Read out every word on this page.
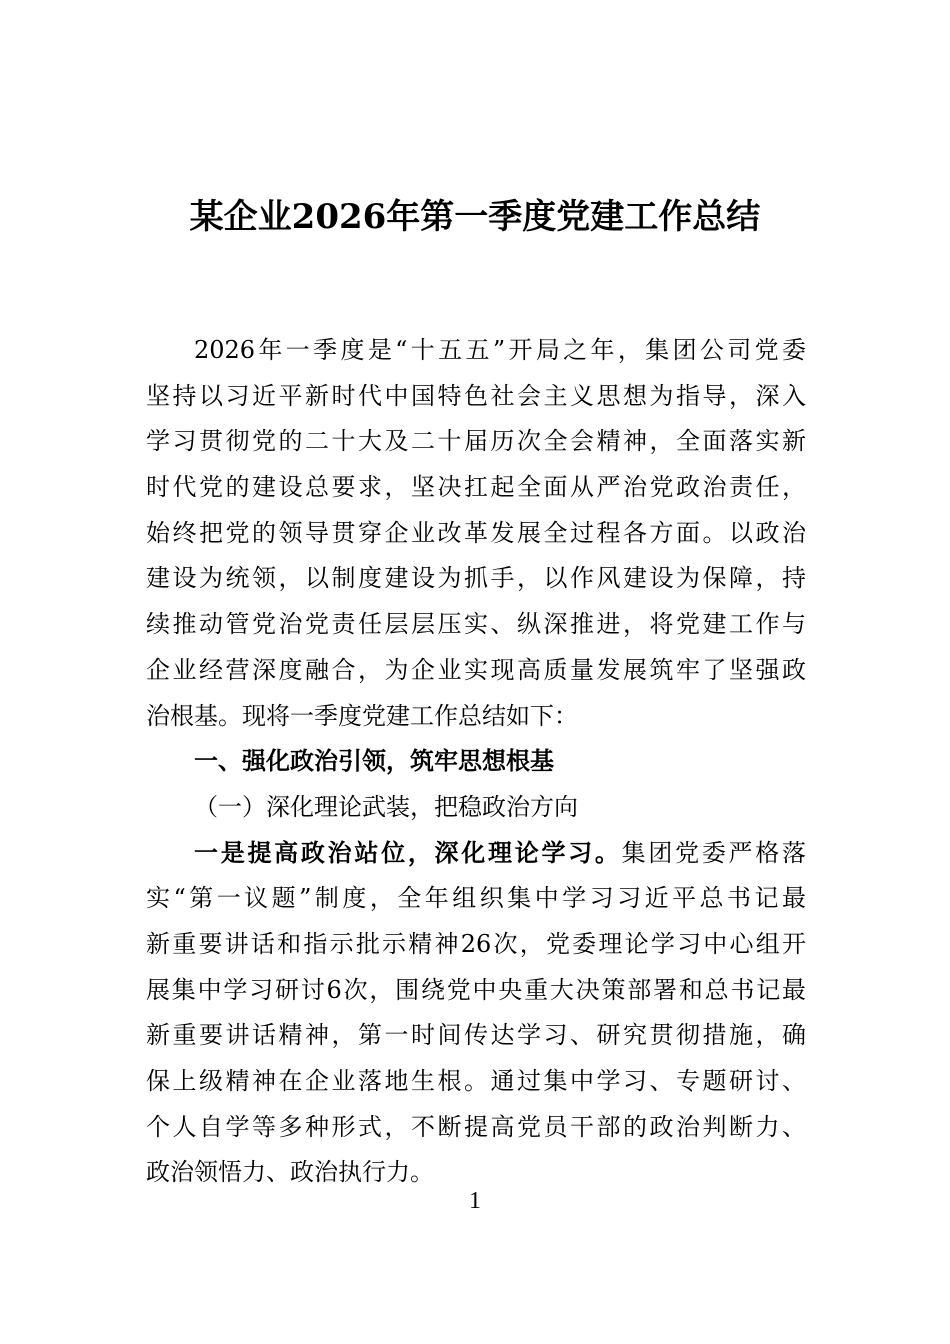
某企业2026年第一季度党建工作总结
2026年一季度是“十五五”开局之年，集团公司党委
坚持以习近平新时代中国特色社会主义思想为指导，深入
学习贯彻党的二十大及二十届历次全会精神，全面落实新
时代党的建设总要求，坚决扛起全面从严治党政治责任，
始终把党的领导贯穿企业改革发展全过程各方面。以政治
建设为统领，以制度建设为抓手，以作风建设为保障，持
续推动管党治党责任层层压实、纵深推进，将党建工作与
企业经营深度融合，为企业实现高质量发展筑牢了坚强政
治根基。现将一季度党建工作总结如下：
一、强化政治引领，筑牢思想根基
（一）深化理论武装，把稳政治方向
一是提高政治站位，深化理论学习。集团党委严格落
实“第一议题”制度，全年组织集中学习习近平总书记最
新重要讲话和指示批示精神26次，党委理论学习中心组开
展集中学习研讨6次，围绕党中央重大决策部署和总书记最
新重要讲话精神，第一时间传达学习、研究贯彻措施，确
保上级精神在企业落地生根。通过集中学习、专题研讨、
个人自学等多种形式，不断提高党员干部的政治判断力、
政治领悟力、政治执行力。
1
